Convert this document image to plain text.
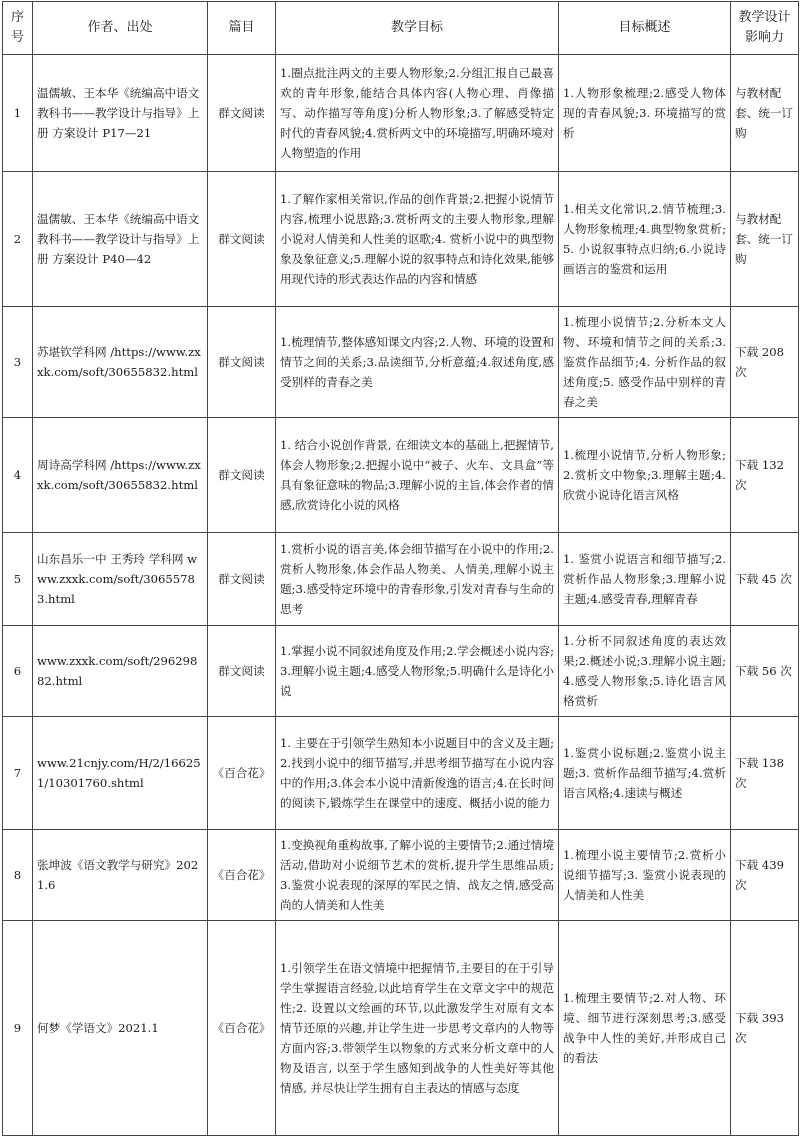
序号	作者、出处	篇目	教学目标	目标概述	教学设计影响力
1	温儒敏、王本华《统编高中语文教科书——教学设计与指导》上册 方案设计 P17—21	群文阅读	1.圈点批注两文的主要人物形象;2.分组汇报自己最喜欢的青年形象,能结合具体内容(人物心理、肖像描写、动作描写等角度)分析人物形象;3.了解感受特定时代的青春风貌;4.赏析两文中的环境描写,明确环境对人物塑造的作用	1.人物形象梳理;2.感受人物体现的青春风貌;3. 环境描写的赏析	与教材配套、统一订购
2	温儒敏、王本华《统编高中语文教科书——教学设计与指导》上册 方案设计 P40—42	群文阅读	1.了解作家相关常识,作品的创作背景;2.把握小说情节内容,梳理小说思路;3.赏析两文的主要人物形象,理解小说对人情美和人性美的讴歌;4. 赏析小说中的典型物象及象征意义;5.理解小说的叙事特点和诗化效果,能够用现代诗的形式表达作品的内容和情感	1.相关文化常识,2.情节梳理;3.人物形象梳理;4.典型物象赏析;5. 小说叙事特点归纳;6.小说诗画语言的鉴赏和运用	与教材配套、统一订购
3	苏堪钦学科网 /https://www.zxxk.com/soft/30655832.html	群文阅读	1.梳理情节,整体感知课文内容;2.人物、环境的设置和情节之间的关系;3.品读细节,分析意蕴;4.叙述角度,感受别样的青春之美	1.梳理小说情节;2.分析本文人物、环境和情节之间的关系;3.鉴赏作品细节;4. 分析作品的叙述角度;5. 感受作品中别样的青春之美	下载 208 次
4	周诗高学科网 /https://www.zxxk.com/soft/30655832.html	群文阅读	1. 结合小说创作背景, 在细读文本的基础上,把握情节,体会人物形象;2.把握小说中“被子、火车、文具盒”等具有象征意味的物品;3.理解小说的主旨,体会作者的情感,欣赏诗化小说的风格	1.梳理小说情节,分析人物形象;2.赏析文中物象;3.理解主题;4.欣赏小说诗化语言风格	下载 132 次
5	山东昌乐一中 王秀玲 学科网 www.zxxk.com/soft/30655783.html	群文阅读	1.赏析小说的语言美,体会细节描写在小说中的作用;2.赏析人物形象,体会作品人物美、人情美,理解小说主题;3.感受特定环境中的青春形象,引发对青春与生命的思考	1. 鉴赏小说语言和细节描写;2.赏析作品人物形象;3.理解小说主题;4.感受青春,理解青春	下载 45 次
6	www.zxxk.com/soft/29629882.html	群文阅读	1.掌握小说不同叙述角度及作用;2.学会概述小说内容;3.理解小说主题;4.感受人物形象;5.明确什么是诗化小说	1.分析不同叙述角度的表达效果;2.概述小说;3.理解小说主题;4.感受人物形象;5.诗化语言风格赏析	下载 56 次
7	www.21cnjy.com/H/2/166251/10301760.shtml	《百合花》	1. 主要在于引领学生熟知本小说题目中的含义及主题;2.找到小说中的细节描写,并思考细节描写在小说内容中的作用;3.体会本小说中清新俊逸的语言;4.在长时间的阅读下,锻炼学生在课堂中的速度、概括小说的能力	1.鉴赏小说标题;2.鉴赏小说主题;3. 赏析作品细节描写;4.赏析语言风格;4.速读与概述	下载 138 次
8	张坤波《语文教学与研究》2021.6	《百合花》	1.变换视角重构故事,了解小说的主要情节;2.通过情境活动,借助对小说细节艺术的赏析,提升学生思维品质;3.鉴赏小说表现的深厚的军民之情、战友之情,感受高尚的人情美和人性美	1.梳理小说主要情节;2.赏析小说细节描写;3. 鉴赏小说表现的人情美和人性美	下载 439 次
9	何梦《学语文》2021.1	《百合花》	1.引领学生在语文情境中把握情节,主要目的在于引导学生掌握语言经验,以此培育学生在文章文字中的规范性;2. 设置以文绘画的环节,以此激发学生对原有文本情节还原的兴趣,并让学生进一步思考文章内的人物等方面内容;3.带领学生以物象的方式来分析文章中的人物及语言, 以至于学生感知到战争的人性美好等其他情感, 并尽快让学生拥有自主表达的情感与态度	1.梳理主要情节;2.对人物、环境、细节进行深刻思考;3.感受战争中人性的美好,并形成自己的看法	下载 393 次
